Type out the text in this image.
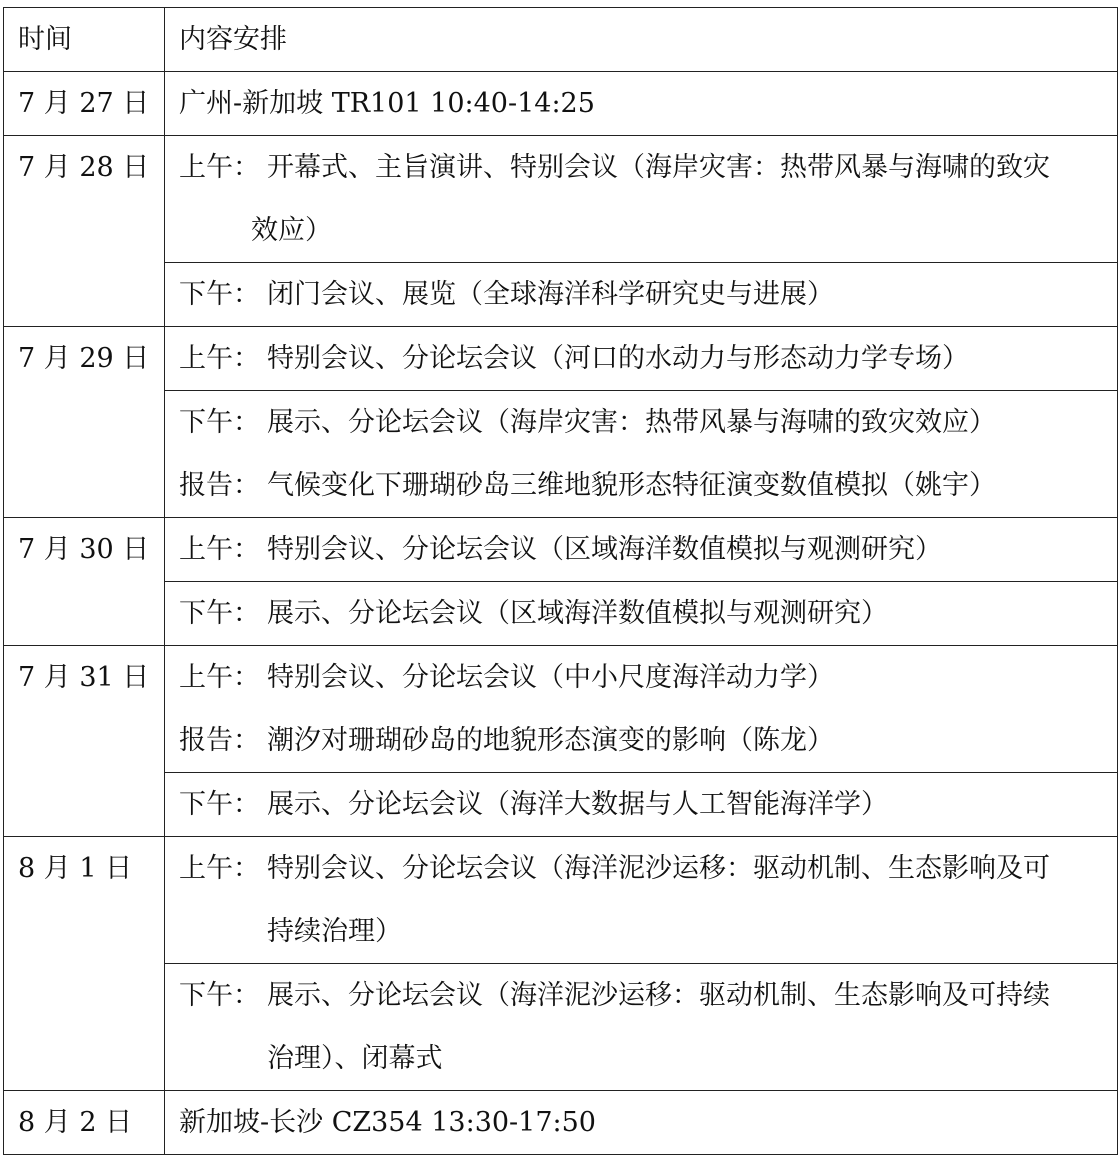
时间	内容安排
7 月 27 日	广州-新加坡 TR101 10:40-14:25

7 月 28 日	上午： 开幕式、主旨演讲、特别会议（海岸灾害：热带风暴与海啸的致灾
效应）

	下午： 闭门会议、展览（全球海洋科学研究史与进展）

7 月 29 日	上午： 特别会议、分论坛会议（河口的水动力与形态动力学专场）

	下午： 展示、分论坛会议（海岸灾害：热带风暴与海啸的致灾效应）
报告： 气候变化下珊瑚砂岛三维地貌形态特征演变数值模拟（姚宇）

7 月 30 日	上午： 特别会议、分论坛会议（区域海洋数值模拟与观测研究）

	下午： 展示、分论坛会议（区域海洋数值模拟与观测研究）

7 月 31 日	上午： 特别会议、分论坛会议（中小尺度海洋动力学）
报告： 潮汐对珊瑚砂岛的地貌形态演变的影响（陈龙）

	下午： 展示、分论坛会议（海洋大数据与人工智能海洋学）

8 月 1 日	上午： 特别会议、分论坛会议（海洋泥沙运移：驱动机制、生态影响及可
持续治理）

	下午： 展示、分论坛会议（海洋泥沙运移：驱动机制、生态影响及可持续
治理）、闭幕式

8 月 2 日	新加坡-长沙 CZ354 13:30-17:50
